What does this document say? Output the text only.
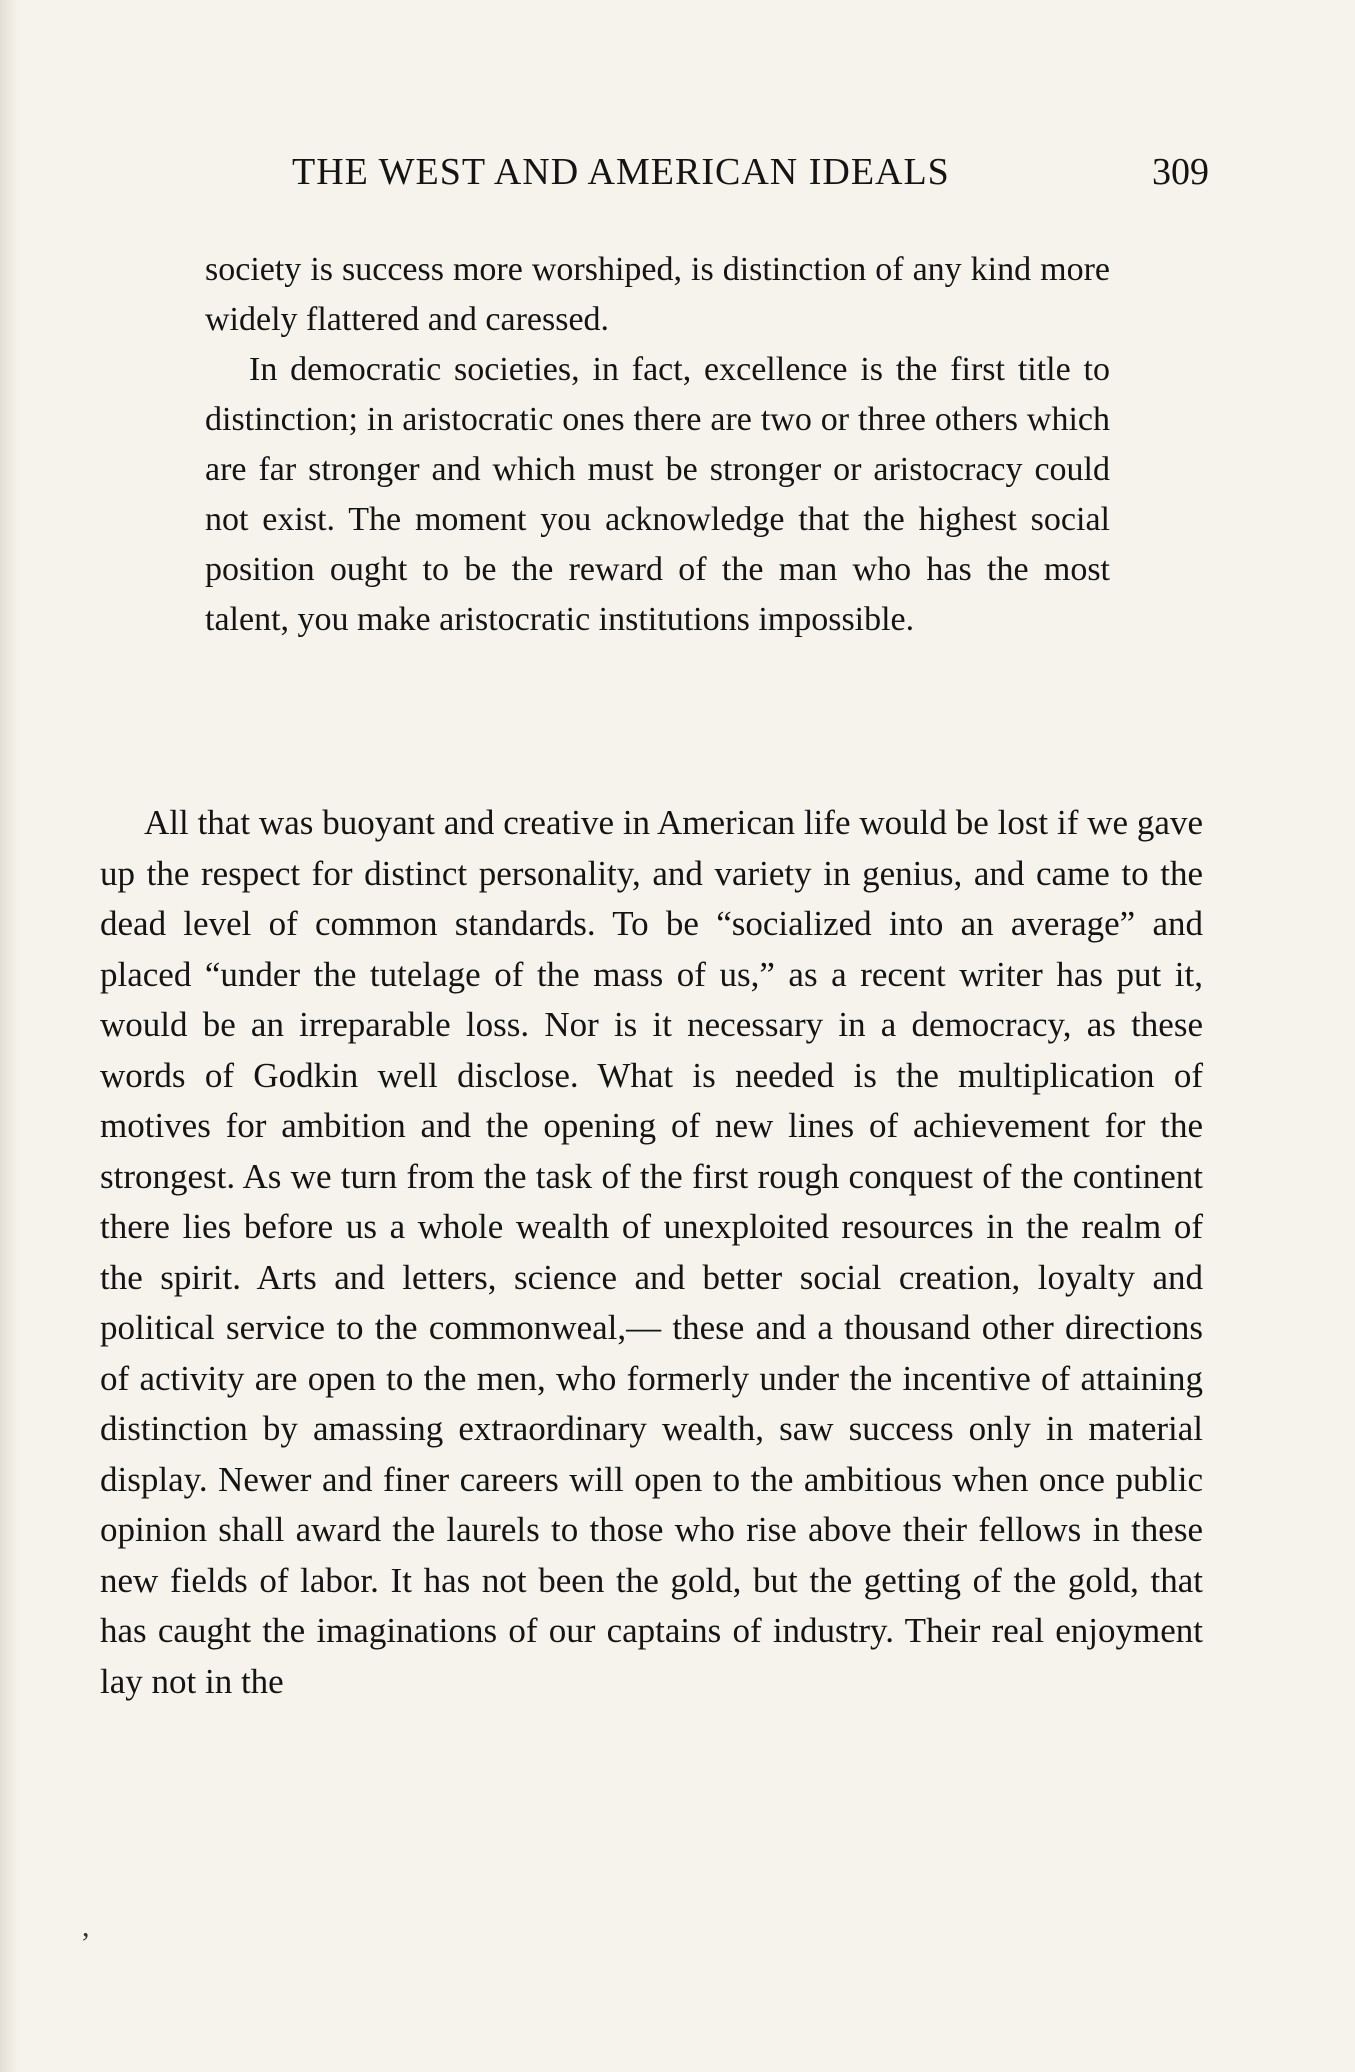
THE WEST AND AMERICAN IDEALS	309

society is success more worshiped, is distinction of any kind more widely flattered and caressed.

In democratic societies, in fact, excellence is the first title to distinction; in aristocratic ones there are two or three others which are far stronger and which must be stronger or aristocracy could not exist. The moment you acknowledge that the highest social position ought to be the reward of the man who has the most talent, you make aristocratic institutions impossible.

All that was buoyant and creative in American life would be lost if we gave up the respect for distinct personality, and variety in genius, and came to the dead level of common standards. To be “socialized into an average” and placed “under the tutelage of the mass of us,” as a recent writer has put it, would be an irreparable loss. Nor is it necessary in a democracy, as these words of Godkin well disclose. What is needed is the multiplication of motives for ambition and the opening of new lines of achievement for the strongest. As we turn from the task of the first rough conquest of the continent there lies before us a whole wealth of unexploited resources in the realm of the spirit. Arts and letters, science and better social creation, loyalty and political service to the commonweal,— these and a thousand other directions of activity are open to the men, who formerly under the incentive of attaining distinction by amassing extraordinary wealth, saw success only in material display. Newer and finer careers will open to the ambitious when once public opinion shall award the laurels to those who rise above their fellows in these new fields of labor. It has not been the gold, but the getting of the gold, that has caught the imaginations of our captains of industry. Their real enjoyment lay not in the

,
